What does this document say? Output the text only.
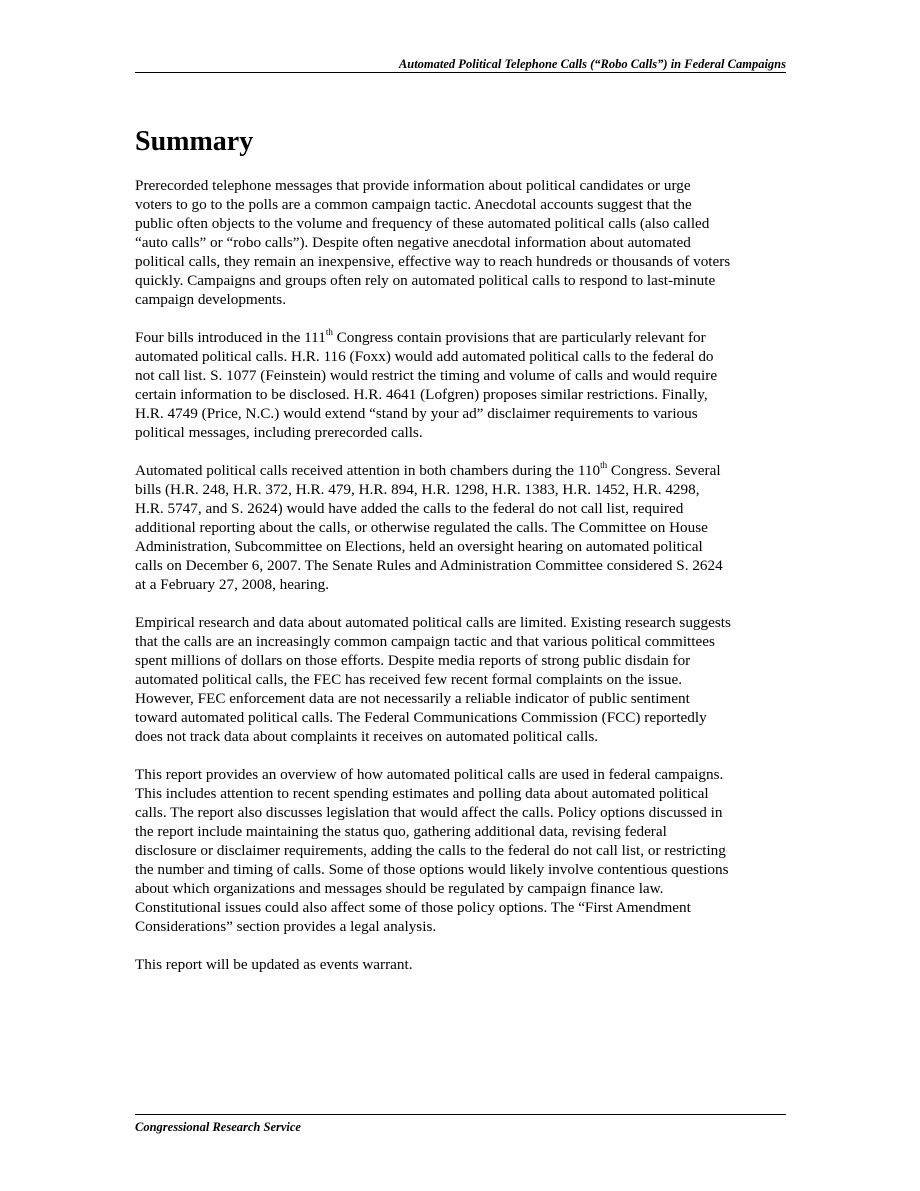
Automated Political Telephone Calls (“Robo Calls”) in Federal Campaigns
Summary

Prerecorded telephone messages that provide information about political candidates or urge
voters to go to the polls are a common campaign tactic. Anecdotal accounts suggest that the
public often objects to the volume and frequency of these automated political calls (also called
“auto calls” or “robo calls”). Despite often negative anecdotal information about automated
political calls, they remain an inexpensive, effective way to reach hundreds or thousands of voters
quickly. Campaigns and groups often rely on automated political calls to respond to last-minute
campaign developments.

Four bills introduced in the 111th Congress contain provisions that are particularly relevant for
automated political calls. H.R. 116 (Foxx) would add automated political calls to the federal do
not call list. S. 1077 (Feinstein) would restrict the timing and volume of calls and would require
certain information to be disclosed. H.R. 4641 (Lofgren) proposes similar restrictions. Finally,
H.R. 4749 (Price, N.C.) would extend “stand by your ad” disclaimer requirements to various
political messages, including prerecorded calls.

Automated political calls received attention in both chambers during the 110th Congress. Several
bills (H.R. 248, H.R. 372, H.R. 479, H.R. 894, H.R. 1298, H.R. 1383, H.R. 1452, H.R. 4298,
H.R. 5747, and S. 2624) would have added the calls to the federal do not call list, required
additional reporting about the calls, or otherwise regulated the calls. The Committee on House
Administration, Subcommittee on Elections, held an oversight hearing on automated political
calls on December 6, 2007. The Senate Rules and Administration Committee considered S. 2624
at a February 27, 2008, hearing.

Empirical research and data about automated political calls are limited. Existing research suggests
that the calls are an increasingly common campaign tactic and that various political committees
spent millions of dollars on those efforts. Despite media reports of strong public disdain for
automated political calls, the FEC has received few recent formal complaints on the issue.
However, FEC enforcement data are not necessarily a reliable indicator of public sentiment
toward automated political calls. The Federal Communications Commission (FCC) reportedly
does not track data about complaints it receives on automated political calls.

This report provides an overview of how automated political calls are used in federal campaigns.
This includes attention to recent spending estimates and polling data about automated political
calls. The report also discusses legislation that would affect the calls. Policy options discussed in
the report include maintaining the status quo, gathering additional data, revising federal
disclosure or disclaimer requirements, adding the calls to the federal do not call list, or restricting
the number and timing of calls. Some of those options would likely involve contentious questions
about which organizations and messages should be regulated by campaign finance law.
Constitutional issues could also affect some of those policy options. The “First Amendment
Considerations” section provides a legal analysis.

This report will be updated as events warrant.

Congressional Research Service
